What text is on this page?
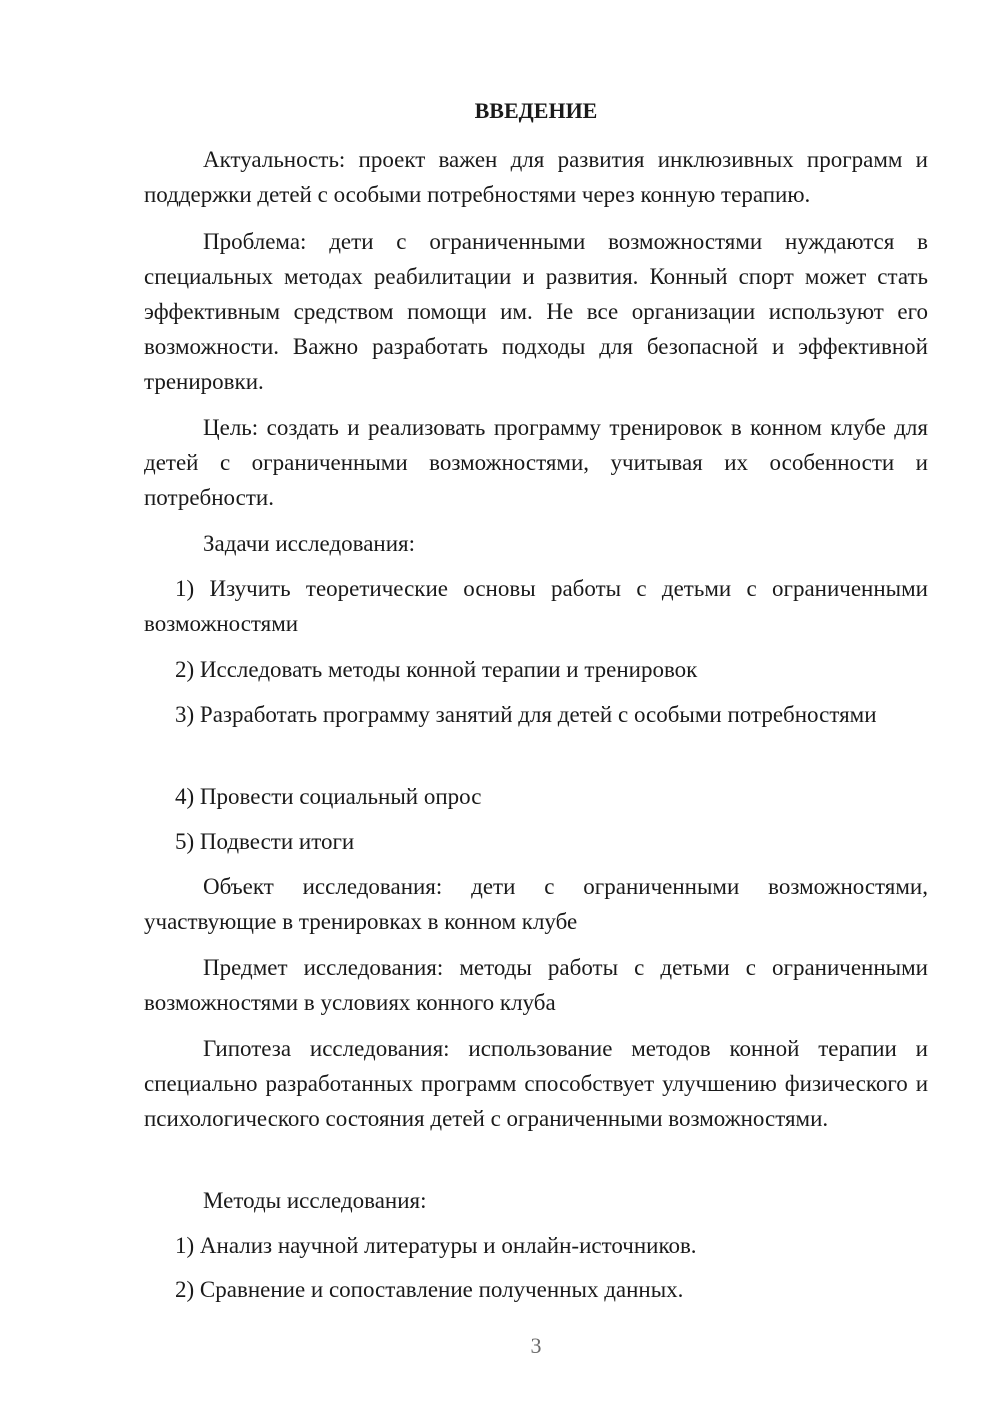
ВВЕДЕНИЕ

Актуальность: проект важен для развития инклюзивных программ и поддержки детей с особыми потребностями через конную терапию.

Проблема: дети с ограниченными возможностями нуждаются в специальных методах реабилитации и развития. Конный спорт может стать эффективным средством помощи им. Не все организации используют его возможности. Важно разработать подходы для безопасной и эффективной тренировки.

Цель: создать и реализовать программу тренировок в конном клубе для детей с ограниченными возможностями, учитывая их особенности и потребности.

Задачи исследования:

1) Изучить теоретические основы работы с детьми с ограниченными возможностями

2) Исследовать методы конной терапии и тренировок

3) Разработать программу занятий для детей с особыми потребностями

4) Провести социальный опрос

5) Подвести итоги

Объект исследования: дети с ограниченными возможностями, участвующие в тренировках в конном клубе

Предмет исследования: методы работы с детьми с ограниченными возможностями в условиях конного клуба

Гипотеза исследования: использование методов конной терапии и специально разработанных программ способствует улучшению физического и психологического состояния детей с ограниченными возможностями.

Методы исследования:

1) Анализ научной литературы и онлайн-источников.

2) Сравнение и сопоставление полученных данных.

3
